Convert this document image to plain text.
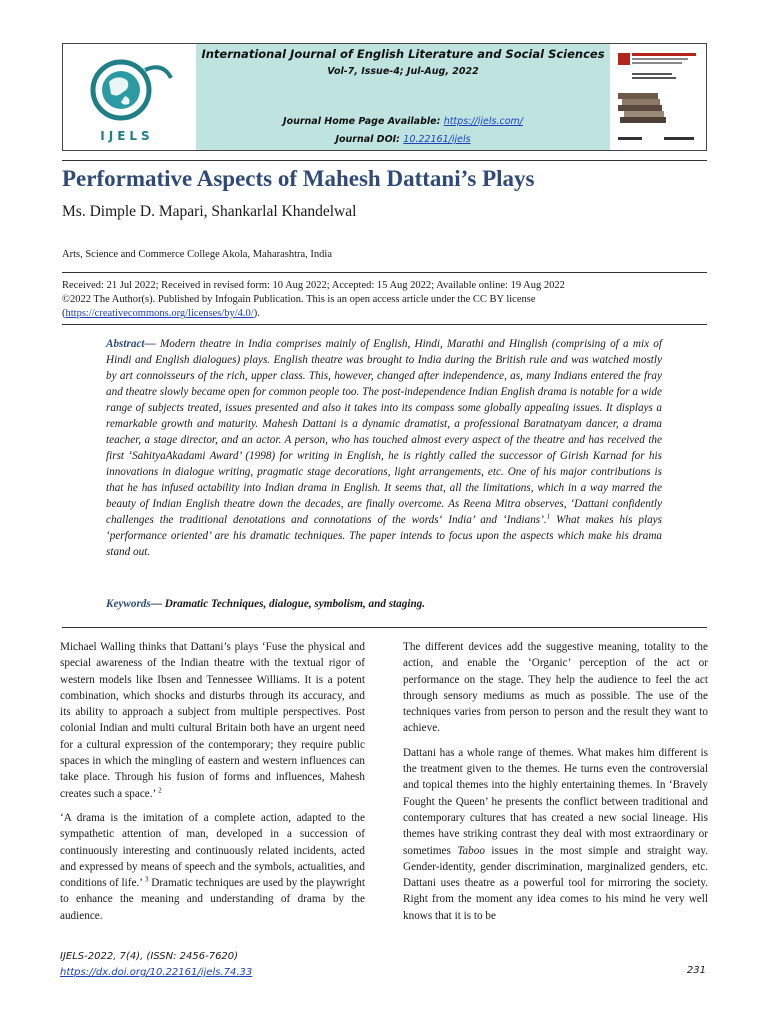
IJELS
International Journal of English Literature and Social Sciences
Vol-7, Issue-4; Jul-Aug, 2022
Journal Home Page Available: https://ijels.com/
Journal DOI: 10.22161/ijels
Performative Aspects of Mahesh Dattani’s Plays
Ms. Dimple D. Mapari, Shankarlal Khandelwal
Arts, Science and Commerce College Akola, Maharashtra, India
Received: 21 Jul 2022; Received in revised form: 10 Aug 2022; Accepted: 15 Aug 2022; Available online: 19 Aug 2022
©2022 The Author(s). Published by Infogain Publication. This is an open access article under the CC BY license
(https://creativecommons.org/licenses/by/4.0/).
Abstract— Modern theatre in India comprises mainly of English, Hindi, Marathi and Hinglish (comprising of a mix of Hindi and English dialogues) plays. English theatre was brought to India during the British rule and was watched mostly by art connoisseurs of the rich, upper class. This, however, changed after independence, as, many Indians entered the fray and theatre slowly became open for common people too. The post-independence Indian English drama is notable for a wide range of subjects treated, issues presented and also it takes into its compass some globally appealing issues. It displays a remarkable growth and maturity. Mahesh Dattani is a dynamic dramatist, a professional Baratnatyam dancer, a drama teacher, a stage director, and an actor. A person, who has touched almost every aspect of the theatre and has received the first ‘SahityaAkadami Award’ (1998) for writing in English, he is rightly called the successor of Girish Karnad for his innovations in dialogue writing, pragmatic stage decorations, light arrangements, etc. One of his major contributions is that he has infused actability into Indian drama in English. It seems that, all the limitations, which in a way marred the beauty of Indian English theatre down the decades, are finally overcome. As Reena Mitra observes, ‘Dattani confidently challenges the traditional denotations and connotations of the words‘ India’ and ‘Indians’.$^1$ What makes his plays ‘performance oriented’ are his dramatic techniques. The paper intends to focus upon the aspects which make his drama stand out.
Keywords— Dramatic Techniques, dialogue, symbolism, and staging.

Michael Walling thinks that Dattani’s plays ‘Fuse the physical and special awareness of the Indian theatre with the textual rigor of western models like Ibsen and Tennessee Williams. It is a potent combination, which shocks and disturbs through its accuracy, and its ability to approach a subject from multiple perspectives. Post colonial Indian and multi cultural Britain both have an urgent need for a cultural expression of the contemporary; they require public spaces in which the mingling of eastern and western influences can take place. Through his fusion of forms and influences, Mahesh creates such a space.’ $^2$

‘A drama is the imitation of a complete action, adapted to the sympathetic attention of man, developed in a succession of continuously interesting and continuously related incidents, acted and expressed by means of speech and the symbols, actualities, and conditions of life.’ $^3$ Dramatic techniques are used by the playwright to enhance the meaning and understanding of drama by the audience.

The different devices add the suggestive meaning, totality to the action, and enable the ‘Organic’ perception of the act or performance on the stage. They help the audience to feel the act through sensory mediums as much as possible. The use of the techniques varies from person to person and the result they want to achieve.

Dattani has a whole range of themes. What makes him different is the treatment given to the themes. He turns even the controversial and topical themes into the highly entertaining themes. In ‘Bravely Fought the Queen’ he presents the conflict between traditional and contemporary cultures that has created a new social lineage. His themes have striking contrast they deal with most extraordinary or sometimes Taboo issues in the most simple and straight way. Gender-identity, gender discrimination, marginalized genders, etc. Dattani uses theatre as a powerful tool for mirroring the society. Right from the moment any idea comes to his mind he very well knows that it is to be

IJELS-2022, 7(4), (ISSN: 2456-7620)
https://dx.doi.org/10.22161/ijels.74.33	231
